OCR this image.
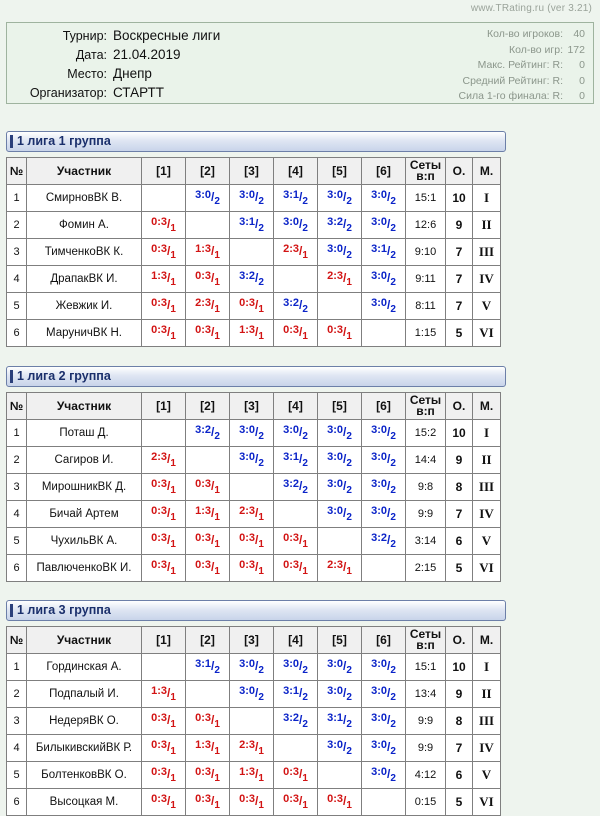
www.TRating.ru (ver 3.21)
Турнир: Воскресные лиги
Дата: 21.04.2019
Место: Днепр
Организатор: СТАРТТ
Кол-во игроков: 40
Кол-во игр: 172
Макс. Рейтинг: R:	0
Средний Рейтинг: R:	0
Сила 1-го финала: R:	0
1 лига 1 группа
№	Участник	[1]	[2]	[3]	[4]	[5]	[6]	Сеты
в:п	О.	М.
1	СмирновВК В.		3:0/2	3:0/2	3:1/2	3:0/2	3:0/2	15:1	10	I
2	Фомин А.	0:3/1		3:1/2	3:0/2	3:2/2	3:0/2	12:6	9	II
3	ТимченкоВК К.	0:3/1	1:3/1		2:3/1	3:0/2	3:1/2	9:10	7	III
4	ДрапакВК И.	1:3/1	0:3/1	3:2/2		2:3/1	3:0/2	9:11	7	IV
5	Жевжик И.	0:3/1	2:3/1	0:3/1	3:2/2		3:0/2	8:11	7	V
6	МаруничВК Н.	0:3/1	0:3/1	1:3/1	0:3/1	0:3/1		1:15	5	VI
1 лига 2 группа
№	Участник	[1]	[2]	[3]	[4]	[5]	[6]	Сеты
в:п	О.	М.
1	Поташ Д.		3:2/2	3:0/2	3:0/2	3:0/2	3:0/2	15:2	10	I
2	Сагиров И.	2:3/1		3:0/2	3:1/2	3:0/2	3:0/2	14:4	9	II
3	МирошникВК Д.	0:3/1	0:3/1		3:2/2	3:0/2	3:0/2	9:8	8	III
4	Бичай Артем	0:3/1	1:3/1	2:3/1		3:0/2	3:0/2	9:9	7	IV
5	ЧухильВК А.	0:3/1	0:3/1	0:3/1	0:3/1		3:2/2	3:14	6	V
6	ПавлюченкоВК И.	0:3/1	0:3/1	0:3/1	0:3/1	2:3/1		2:15	5	VI
1 лига 3 группа
№	Участник	[1]	[2]	[3]	[4]	[5]	[6]	Сеты
в:п	О.	М.
1	Гординская А.		3:1/2	3:0/2	3:0/2	3:0/2	3:0/2	15:1	10	I
2	Подпалый И.	1:3/1		3:0/2	3:1/2	3:0/2	3:0/2	13:4	9	II
3	НедеряВК О.	0:3/1	0:3/1		3:2/2	3:1/2	3:0/2	9:9	8	III
4	БилыкивскийВК Р.	0:3/1	1:3/1	2:3/1		3:0/2	3:0/2	9:9	7	IV
5	БолтенковВК О.	0:3/1	0:3/1	1:3/1	0:3/1		3:0/2	4:12	6	V
6	Высоцкая М.	0:3/1	0:3/1	0:3/1	0:3/1	0:3/1		0:15	5	VI
